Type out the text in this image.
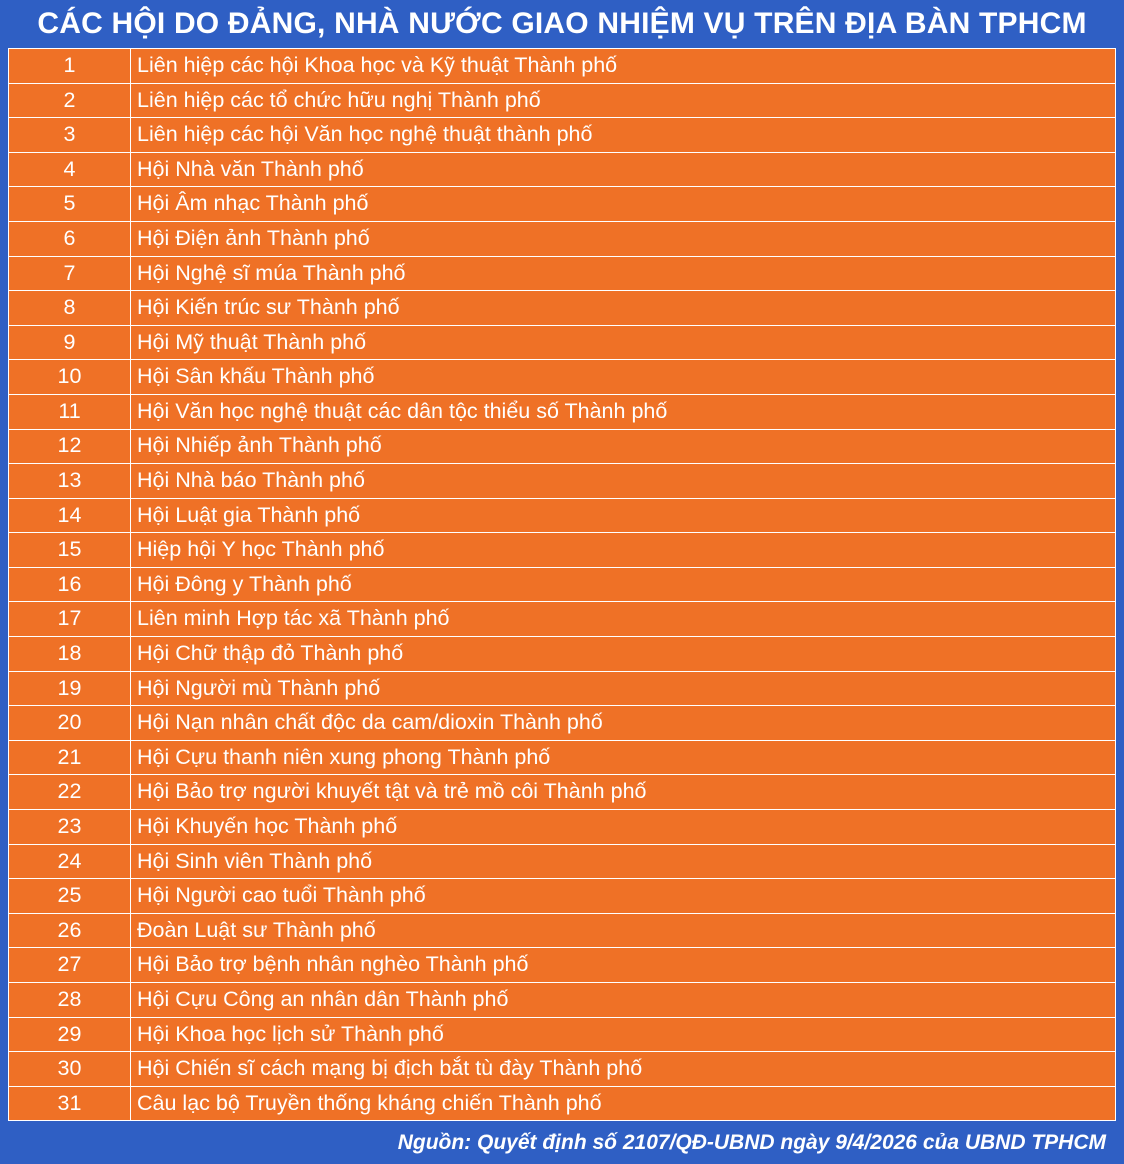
CÁC HỘI DO ĐẢNG, NHÀ NƯỚC GIAO NHIỆM VỤ TRÊN ĐỊA BÀN TPHCM
1	Liên hiệp các hội Khoa học và Kỹ thuật Thành phố
2	Liên hiệp các tổ chức hữu nghị Thành phố
3	Liên hiệp các hội Văn học nghệ thuật thành phố
4	Hội Nhà văn Thành phố
5	Hội Âm nhạc Thành phố
6	Hội Điện ảnh Thành phố
7	Hội Nghệ sĩ múa Thành phố
8	Hội Kiến trúc sư Thành phố
9	Hội Mỹ thuật Thành phố
10	Hội Sân khấu Thành phố
11	Hội Văn học nghệ thuật các dân tộc thiểu số Thành phố
12	Hội Nhiếp ảnh Thành phố
13	Hội Nhà báo Thành phố
14	Hội Luật gia Thành phố
15	Hiệp hội Y học Thành phố
16	Hội Đông y Thành phố
17	Liên minh Hợp tác xã Thành phố
18	Hội Chữ thập đỏ Thành phố
19	Hội Người mù Thành phố
20	Hội Nạn nhân chất độc da cam/dioxin Thành phố
21	Hội Cựu thanh niên xung phong Thành phố
22	Hội Bảo trợ người khuyết tật và trẻ mồ côi Thành phố
23	Hội Khuyến học Thành phố
24	Hội Sinh viên Thành phố
25	Hội Người cao tuổi Thành phố
26	Đoàn Luật sư Thành phố
27	Hội Bảo trợ bệnh nhân nghèo Thành phố
28	Hội Cựu Công an nhân dân Thành phố
29	Hội Khoa học lịch sử Thành phố
30	Hội Chiến sĩ cách mạng bị địch bắt tù đày Thành phố
31	Câu lạc bộ Truyền thống kháng chiến Thành phố
Nguồn: Quyết định số 2107/QĐ-UBND ngày 9/4/2026 của UBND TPHCM
